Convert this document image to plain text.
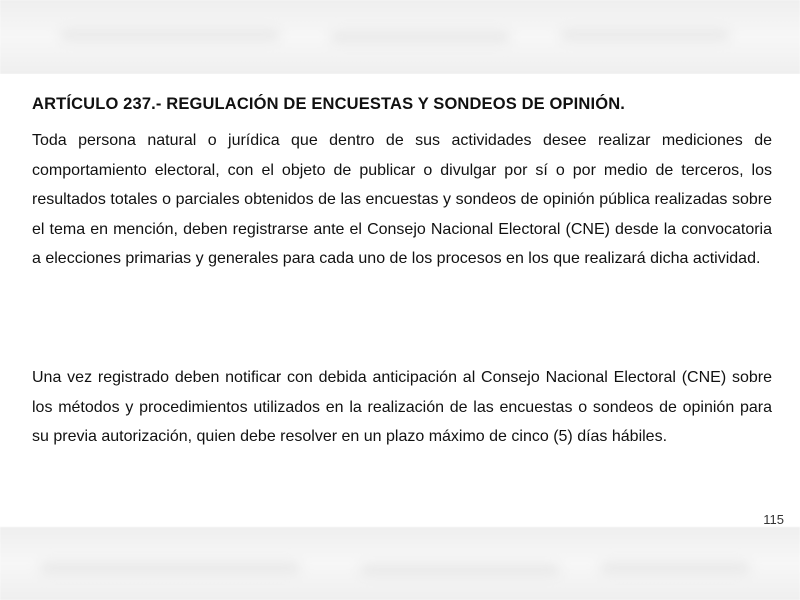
ARTÍCULO 237.- REGULACIÓN DE ENCUESTAS Y SONDEOS DE OPINIÓN.

Toda persona natural o jurídica que dentro de sus actividades desee realizar mediciones de comportamiento electoral, con el objeto de publicar o divulgar por sí o por medio de terceros, los resultados totales o parciales obtenidos de las encuestas y sondeos de opinión pública realizadas sobre el tema en mención, deben registrarse ante el Consejo Nacional Electoral (CNE) desde la convocatoria a elecciones primarias y generales para cada uno de los procesos en los que realizará dicha actividad.

Una vez registrado deben notificar con debida anticipación al Consejo Nacional Electoral (CNE) sobre los métodos y procedimientos utilizados en la realización de las encuestas o sondeos de opinión para su previa autorización, quien debe resolver en un plazo máximo de cinco (5) días hábiles.

115
